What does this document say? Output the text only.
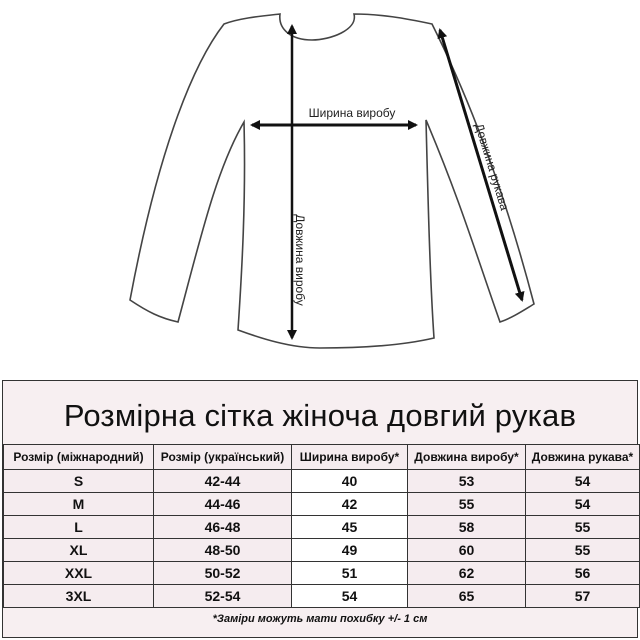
Ширина виробу
Довжина виробу
Довжина рукава
Розмірна сітка жіноча довгий рукав
Розмір (міжнародний)	Розмір (український)	Ширина виробу*	Довжина виробу*	Довжина рукава*
S	42-44	40	53	54
M	44-46	42	55	54
L	46-48	45	58	55
XL	48-50	49	60	55
XXL	50-52	51	62	56
3XL	52-54	54	65	57
*Заміри можуть мати похибку +/- 1 см
